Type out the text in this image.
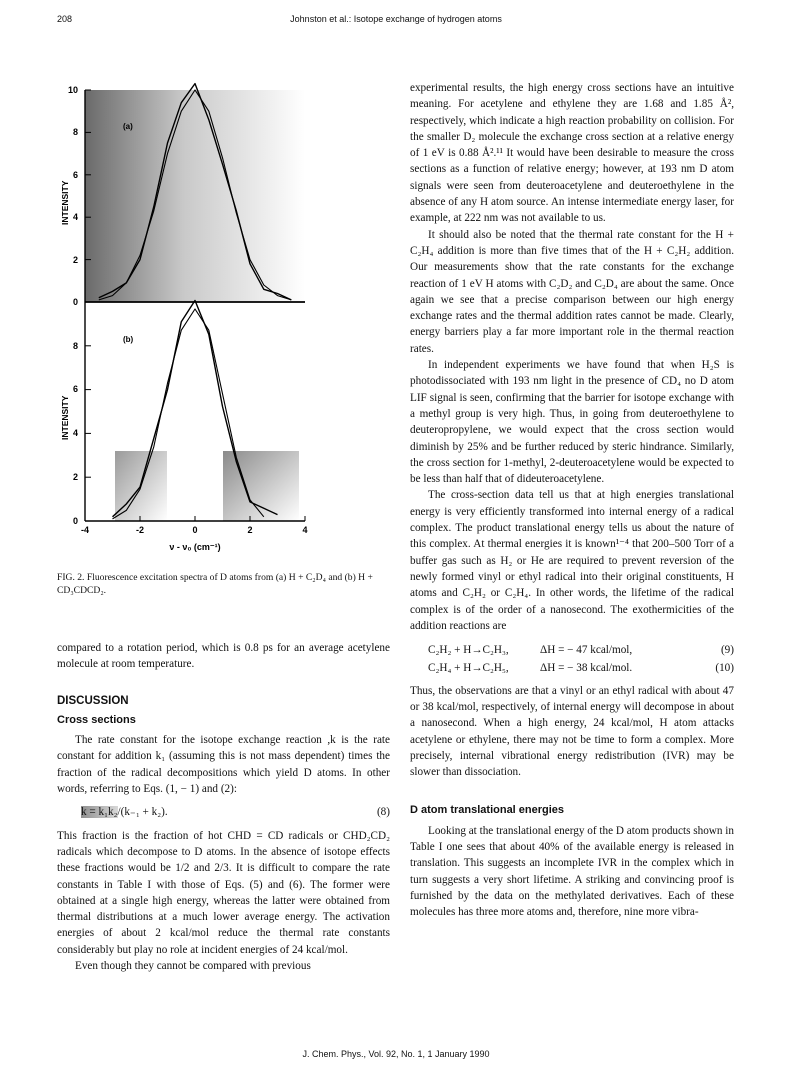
208	Johnston et al.: Isotope exchange of hydrogen atoms
10
8
6
4
2
0
8
6
4
2
0
-4	-2	0	2	4
ν - ν₀ (cm⁻¹)
INTENSITY
INTENSITY
(a)
(b)
FIG. 2. Fluorescence excitation spectra of D atoms from (a) H + C₂D₄ and (b) H + CD₃CDCD₂.

compared to a rotation period, which is 0.8 ps for an average acetylene molecule at room temperature.

DISCUSSION
Cross sections

The rate constant for the isotope exchange reaction ,k is the rate constant for addition k₁ (assuming this is not mass dependent) times the fraction of the radical decompositions which yield D atoms. In other words, referring to Eqs. (1, − 1) and (2):

k = k₁k₂/(k₋₁ + k₂).	(8)

This fraction is the fraction of hot CHD = CD radicals or CHD₂CD₂ radicals which decompose to D atoms. In the absence of isotope effects these fractions would be 1/2 and 2/3. It is difficult to compare the rate constants in Table I with those of Eqs. (5) and (6). The former were obtained at a single high energy, whereas the latter were obtained from thermal distributions at a much lower average energy. The activation energies of about 2 kcal/mol reduce the thermal rate constants considerably but play no role at incident energies of 24 kcal/mol.

Even though they cannot be compared with previous

experimental results, the high energy cross sections have an intuitive meaning. For acetylene and ethylene they are 1.68 and 1.85 Å², respectively, which indicate a high reaction probability on collision. For the smaller D₂ molecule the exchange cross section at a relative energy of 1 eV is 0.88 Å².¹¹ It would have been desirable to measure the cross sections as a function of relative energy; however, at 193 nm D atom signals were seen from deuteroacetylene and deuteroethylene in the absence of any H atom source. An intense intermediate energy laser, for example, at 222 nm was not available to us.

It should also be noted that the thermal rate constant for the H + C₂H₄ addition is more than five times that of the H + C₂H₂ addition. Our measurements show that the rate constants for the exchange reaction of 1 eV H atoms with C₂D₂ and C₂D₄ are about the same. Once again we see that a precise comparison between our high energy exchange rates and the thermal addition rates cannot be made. Clearly, energy barriers play a far more important role in the thermal reaction rates.

In independent experiments we have found that when H₂S is photodissociated with 193 nm light in the presence of CD₄ no D atom LIF signal is seen, confirming that the barrier for isotope exchange with a methyl group is very high. Thus, in going from deuteroethylene to deuteropropylene, we would expect that the cross section would diminish by 25% and be further reduced by steric hindrance. Similarly, the cross section for 1-methyl, 2-deuteroacetylene would be expected to be less than half that of dideuteroacetylene.

The cross-section data tell us that at high energies translational energy is very efficiently transformed into internal energy of a radical complex. The product translational energy tells us about the nature of this complex. At thermal energies it is known¹⁻⁴ that 200–500 Torr of a buffer gas such as H₂ or He are required to prevent reversion of the newly formed vinyl or ethyl radical into their original constituents, H atoms and C₂H₂ or C₂H₄. In other words, the lifetime of the radical complex is of the order of a nanosecond. The exothermicities of the addition reactions are

C₂H₂ + H→C₂H₃,	ΔH = − 47 kcal/mol,	(9)
C₂H₄ + H→C₂H₅,	ΔH = − 38 kcal/mol.	(10)

Thus, the observations are that a vinyl or an ethyl radical with about 47 or 38 kcal/mol, respectively, of internal energy will decompose in about a nanosecond. When a high energy, 24 kcal/mol, H atom attacks acetylene or ethylene, there may not be time to form a complex. More precisely, internal vibrational energy redistribution (IVR) may be slower than dissociation.

D atom translational energies

Looking at the translational energy of the D atom products shown in Table I one sees that about 40% of the available energy is released in translation. This suggests an incomplete IVR in the complex which in turn suggests a very short lifetime. A striking and convincing proof is furnished by the data on the methylated derivatives. Each of these molecules has three more atoms and, therefore, nine more vibra-

J. Chem. Phys., Vol. 92, No. 1, 1 January 1990
